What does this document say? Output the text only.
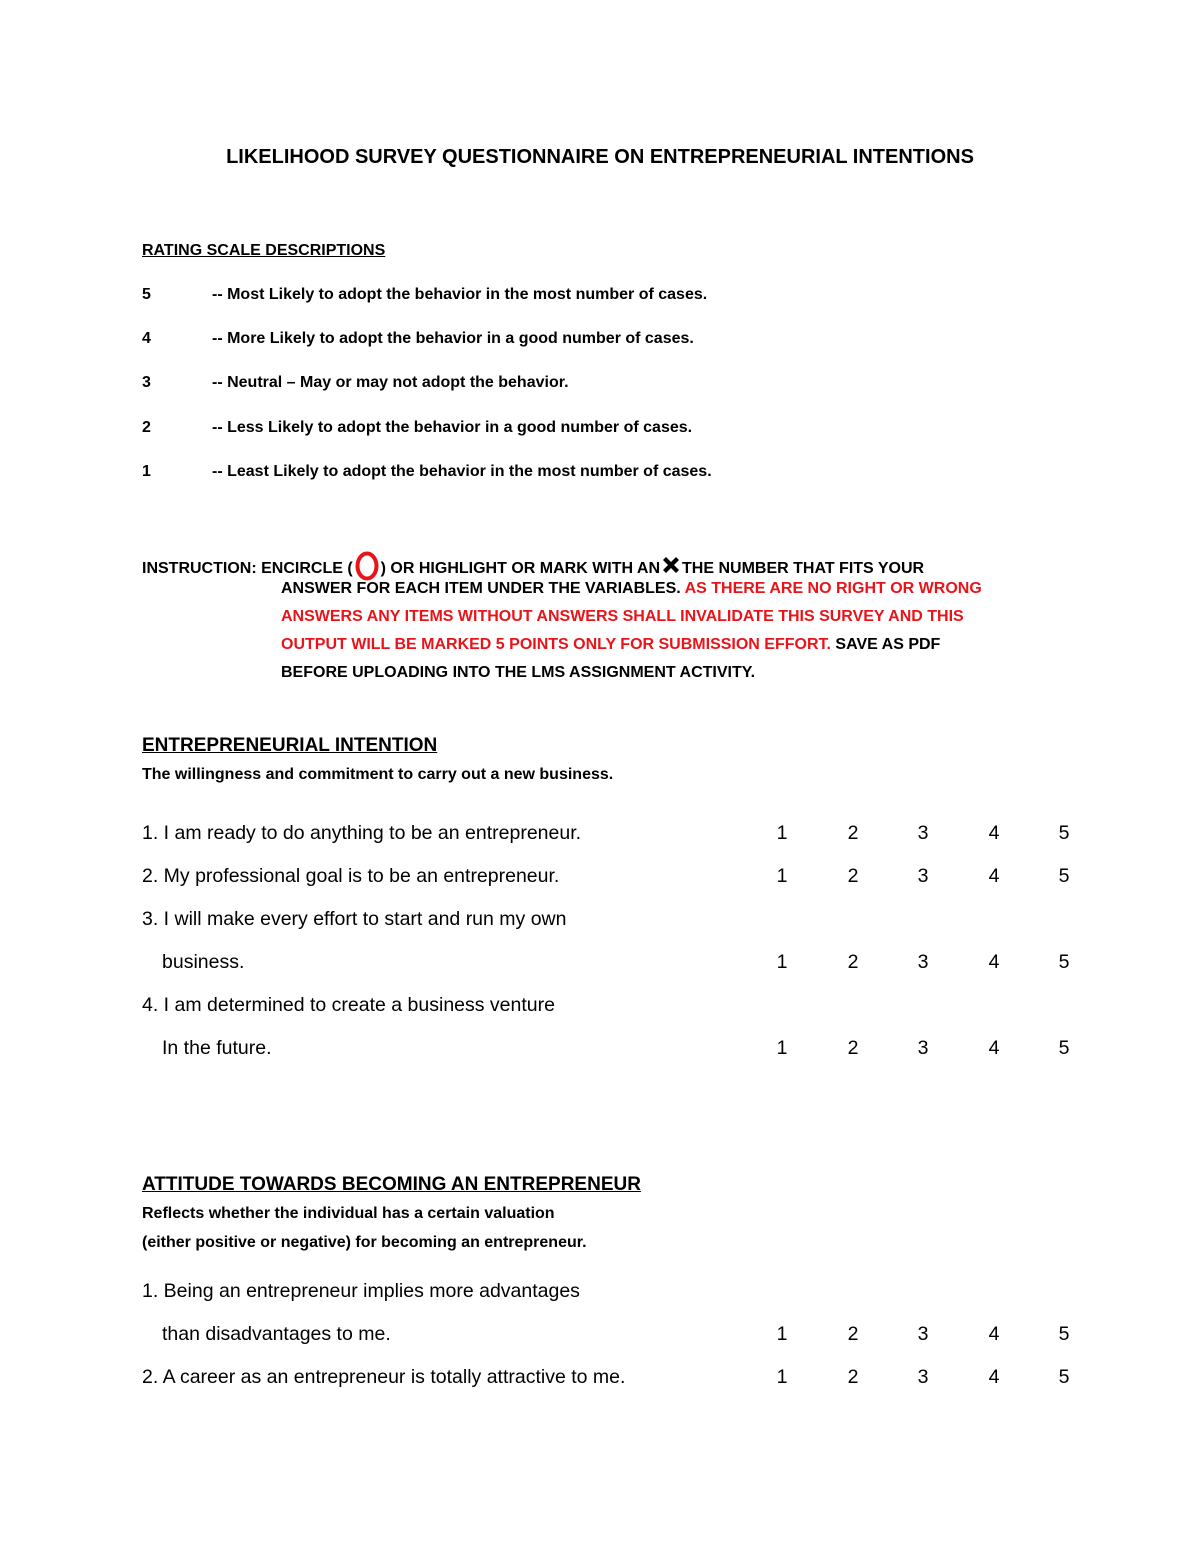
LIKELIHOOD SURVEY QUESTIONNAIRE ON ENTREPRENEURIAL INTENTIONS
RATING SCALE DESCRIPTIONS
5	-- Most Likely to adopt the behavior in the most number of cases.
4	-- More Likely to adopt the behavior in a good number of cases.
3	-- Neutral – May or may not adopt the behavior.
2	-- Less Likely to adopt the behavior in a good number of cases.
1	-- Least Likely to adopt the behavior in the most number of cases.
INSTRUCTION: ENCIRCLE ( ) OR HIGHLIGHT OR MARK WITH AN THE NUMBER THAT FITS YOUR
ANSWER FOR EACH ITEM UNDER THE VARIABLES. AS THERE ARE NO RIGHT OR WRONG
ANSWERS ANY ITEMS WITHOUT ANSWERS SHALL INVALIDATE THIS SURVEY AND THIS
OUTPUT WILL BE MARKED 5 POINTS ONLY FOR SUBMISSION EFFORT. SAVE AS PDF
BEFORE UPLOADING INTO THE LMS ASSIGNMENT ACTIVITY.
ENTREPRENEURIAL INTENTION
The willingness and commitment to carry out a new business.
1. I am ready to do anything to be an entrepreneur.	1	2	3	4	5
2. My professional goal is to be an entrepreneur.	1	2	3	4	5
3. I will make every effort to start and run my own
business.	1	2	3	4	5
4. I am determined to create a business venture
In the future.	1	2	3	4	5
ATTITUDE TOWARDS BECOMING AN ENTREPRENEUR
Reflects whether the individual has a certain valuation
(either positive or negative) for becoming an entrepreneur.
1. Being an entrepreneur implies more advantages
than disadvantages to me.	1	2	3	4	5
2. A career as an entrepreneur is totally attractive to me.	1	2	3	4	5
